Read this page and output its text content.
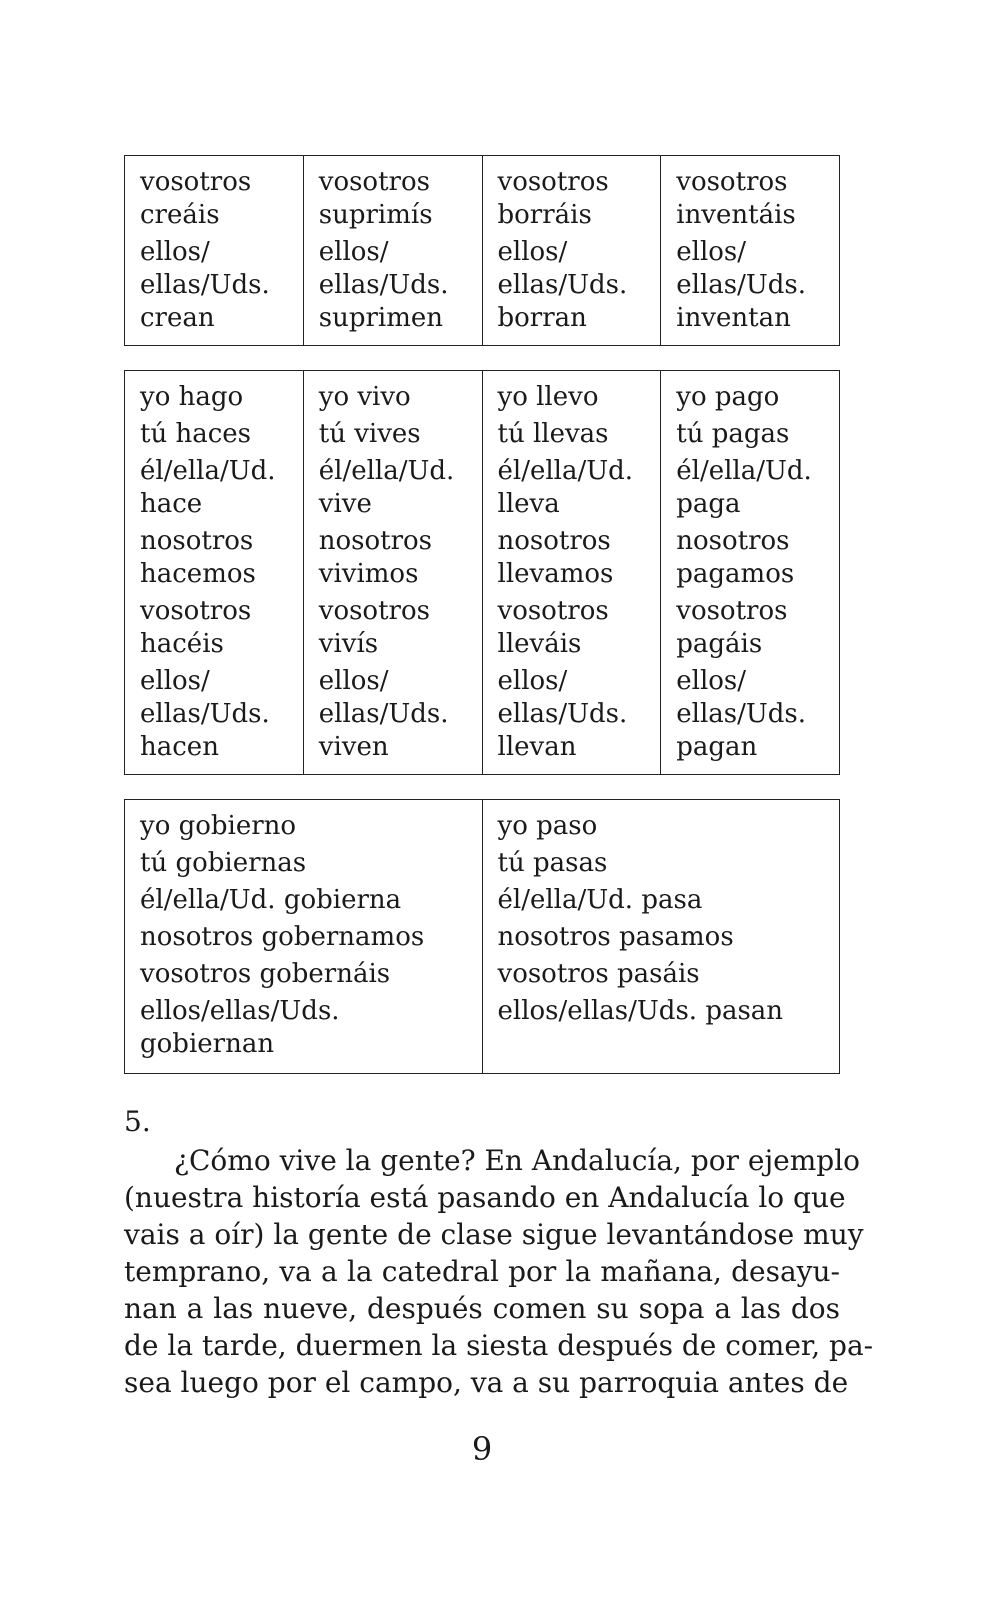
vosotros
creáis
ellos/
ellas/Uds.
crean

vosotros
suprimís
ellos/
ellas/Uds.
suprimen

vosotros
borráis
ellos/
ellas/Uds.
borran

vosotros
inventáis
ellos/
ellas/Uds.
inventan
yo hago
tú haces
él/ella/Ud.
hace
nosotros
hacemos
vosotros
hacéis
ellos/
ellas/Uds.
hacen

yo vivo
tú vives
él/ella/Ud.
vive
nosotros
vivimos
vosotros
vivís
ellos/
ellas/Uds.
viven

yo llevo
tú llevas
él/ella/Ud.
lleva
nosotros
llevamos
vosotros
lleváis
ellos/
ellas/Uds.
llevan

yo pago
tú pagas
él/ella/Ud.
paga
nosotros
pagamos
vosotros
pagáis
ellos/
ellas/Uds.
pagan
yo gobierno
tú gobiernas
él/ella/Ud. gobierna
nosotros gobernamos
vosotros gobernáis
ellos/ellas/Uds.
gobiernan

yo paso
tú pasas
él/ella/Ud. pasa
nosotros pasamos
vosotros pasáis
ellos/ellas/Uds. pasan
5.
¿Cómo vive la gente? En Andalucía, por ejemplo
(nuestra historía está pasando en Andalucía lo que
vais a oír) la gente de clase sigue levantándose muy
temprano, va a la catedral por la mañana, desayu-
nan a las nueve, después comen su sopa a las dos
de la tarde, duermen la siesta después de comer, pa-
sea luego por el campo, va a su parroquia antes de
9
